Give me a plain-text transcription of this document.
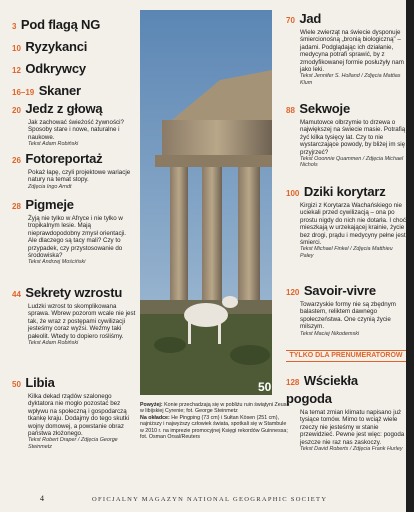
3 Pod flagą NG
10 Ryzykanci
12 Odkrywcy
16–19 Skaner
20 Jedz z głową
Jak zachować świeżość żywności? Sposoby stare i nowe, naturalne i naukowe.
Tekst Adam Robiński
26 Fotoreportaż
Pokaż łapę, czyli projektowe wariacje natury na temat stopy.
Zdjęcia Ingo Arndt
28 Pigmeje
Żyją nie tylko w Afryce i nie tylko w tropikalnym lesie. Mają nieprawdopodobny zmysł orientacji. Ale dlaczego są tacy mali? Czy to przypadek, czy przystosowanie do środowiska?
Tekst Andrzej Mościński
44 Sekrety wzrostu
Ludzki wzrost to skomplikowana sprawa. Wbrew pozorom wcale nie jest tak, że wraz z postępami cywilizacji jesteśmy coraz wyżsi. Weźmy taki pałeolit. Wtedy to dopiero rośliśmy.
Tekst Adam Robiński
50 Libia
Kilka dekad rządów szalonego dyktatora nie mogło pozostać bez wpływu na społeczną i gospodarczą tkankę kraju. Dodajmy do tego skutki wojny domowej, a powstanie obraz państwa złożonego.
Tekst Robert Draper / Zdjęcia George Steinmetz
50
Powyżej: Konie przechadzają się w pobliżu ruin świątyni Zeusa w libijskiej Cyrenie; fot. George Steinmetz
Na okładce: He Pingping (73 cm) i Sułtan Kösen (251 cm), najniższy i najwyższy człowiek świata, spotkali się w Stambule w 2010 r. na imprezie promocyjnej Księgi rekordów Guinnessa; fot. Osman Orsal/Reuters
70 Jad
Wiele zwierząt na świecie dysponuje śmiercionośną „bronią biologiczną” – jadami. Podglądając ich działanie, medycyna potrafi sprawić, by z zmodyfikowanej formie posłużyły nam jako leki.
Tekst Jennifer S. Holland / Zdjęcia Mattias Klum
88 Sekwoje
Mamutowce olbrzymie to drzewa o największej na świecie masie. Potrafią żyć kilka tysięcy lat. Czy to nie wystarczające powody, by bliżej im się przyjrzeć?
Tekst Ooonnie Quammen / Zdjęcia Michael Nichols
100 Dziki korytarz
Kirgizi z Korytarza Wachańskiego nie uciekali przed cywilizacją – ona po prostu nigdy do nich nie dotarła. I choć mieszkają w urzekającej krainie, życie bez drogi, prądu i medycyny pełne jest śmierci.
Tekst Michael Finkel / Zdjęcia Matthieu Paley
120 Savoir-vivre
Towarzyskie formy nie są zbędnym balastem, reliktem dawnego społeczeństwa. One czynią życie milszym.
Tekst Maciej Nikodemski
TYLKO DLA PRENUMERATORÓW
128 Wściekła pogoda
Na temat zmian klimatu napisano już tysiące tomów. Mimo to wciąż wiele rzeczy nie jesteśmy w stanie przewidzieć. Pewne jest więc: pogoda jeszcze nie raz nas zaskoczy.
Tekst David Roberts / Zdjęcia Frank Hurley
4	OFICJALNY MAGAZYN NATIONAL GEOGRAPHIC SOCIETY
